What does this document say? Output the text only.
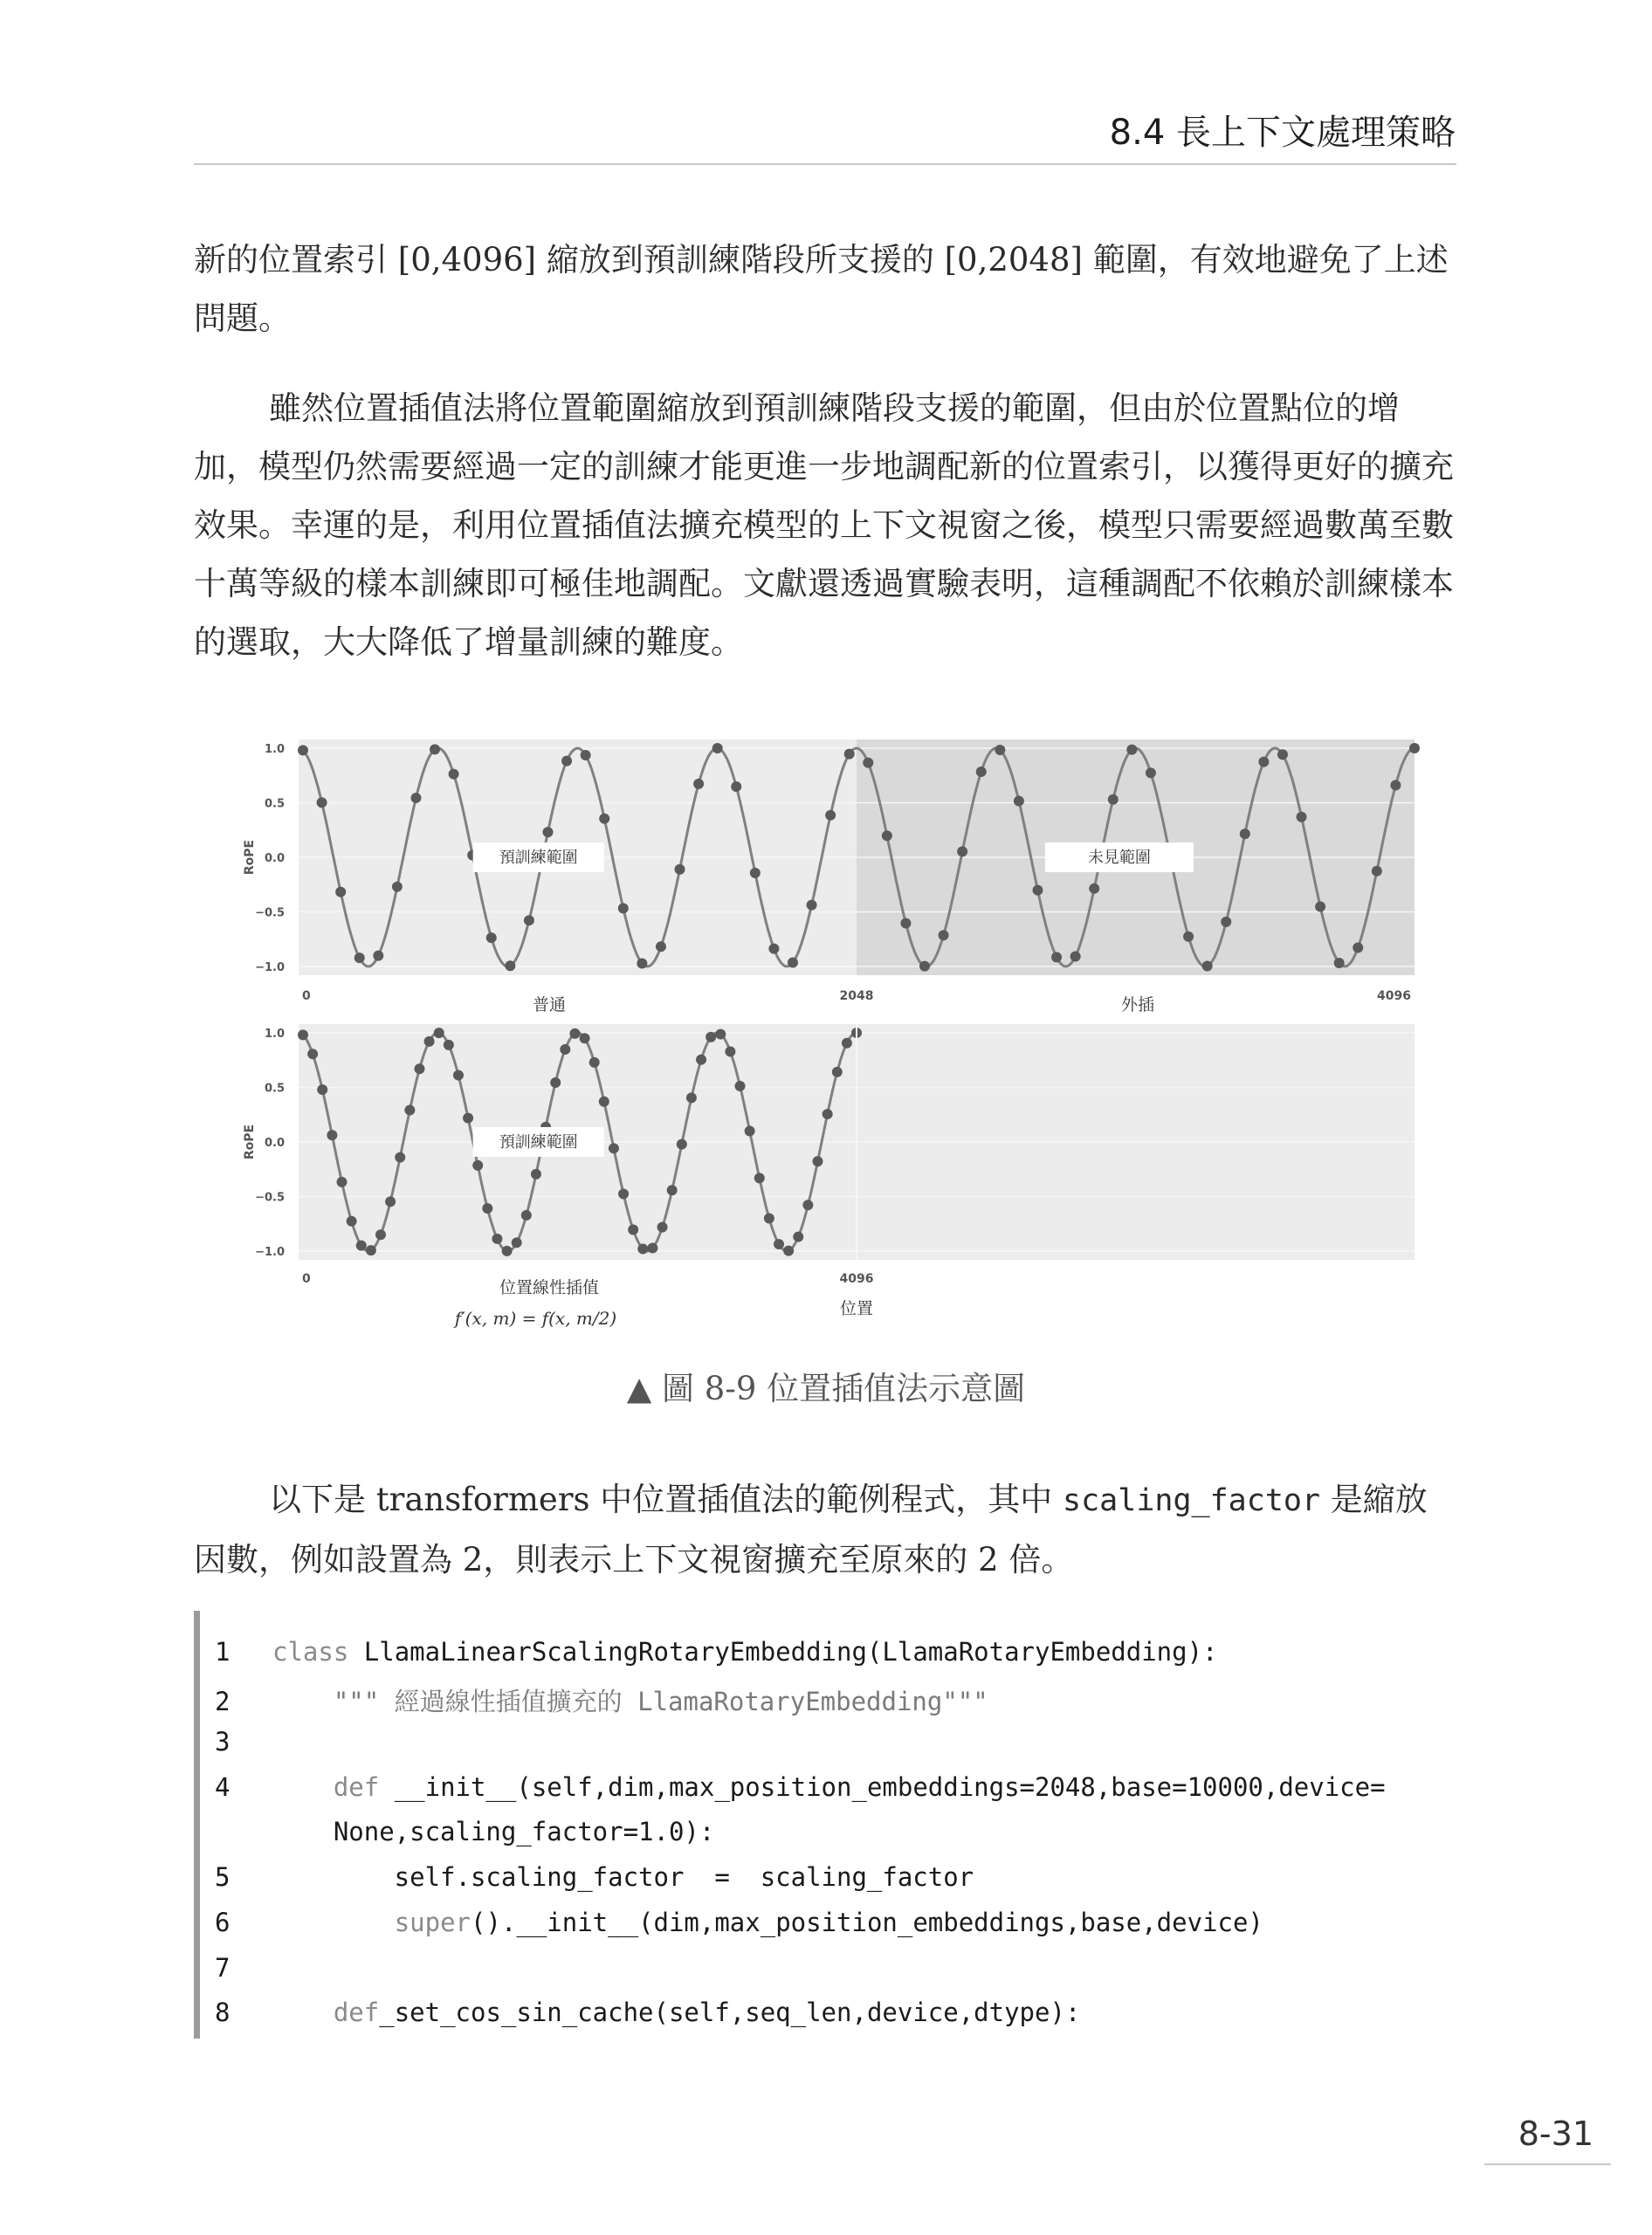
8.4 長上下文處理策略

新的位置索引 [0,4096] 縮放到預訓練階段所支援的 [0,2048] 範圍，有效地避免了上述問題。

雖然位置插值法將位置範圍縮放到預訓練階段支援的範圍，但由於位置點位的增加，模型仍然需要經過一定的訓練才能更進一步地調配新的位置索引，以獲得更好的擴充效果。幸運的是，利用位置插值法擴充模型的上下文視窗之後，模型只需要經過數萬至數十萬等級的樣本訓練即可極佳地調配。文獻還透過實驗表明，這種調配不依賴於訓練樣本的選取，大大降低了增量訓練的難度。

1.0
0.5
0.0
−0.5
−1.0
RoPE	預訓練範圍	未見範圍
0	2048	4096
普通	外插
1.0
0.5
0.0
−0.5
−1.0
RoPE	預訓練範圍
0	4096
位置線性插值
f′(x, m) = f(x, m/2)	位置
▲ 圖 8-9 位置插值法示意圖

以下是 transformers 中位置插值法的範例程式，其中 scaling_factor 是縮放因數，例如設置為 2，則表示上下文視窗擴充至原來的 2 倍。

1 class LlamaLinearScalingRotaryEmbedding(LlamaRotaryEmbedding):
2    """ 經過線性插值擴充的 LlamaRotaryEmbedding"""
3
4	def __init__(self,dim,max_position_embeddings=2048,base=10000,device=
None,scaling_factor=1.0):
5        self.scaling_factor  =  scaling_factor
6	super().__init__(dim,max_position_embeddings,base,device)
7
8	def_set_cos_sin_cache(self,seq_len,device,dtype):
8-31
